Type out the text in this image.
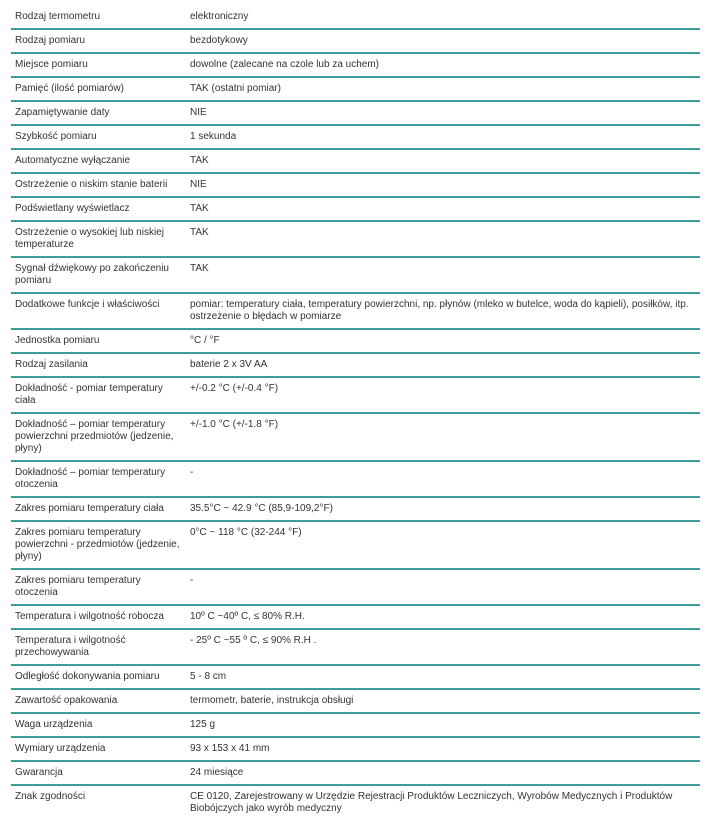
Rodzaj termometru	elektroniczny
Rodzaj pomiaru	bezdotykowy
Miejsce pomiaru	dowolne (zalecane na czole lub za uchem)
Pamięć (ilość pomiarów)	TAK (ostatni pomiar)
Zapamiętywanie daty	NIE
Szybkość pomiaru	1 sekunda
Automatyczne wyłączanie	TAK
Ostrzeżenie o niskim stanie baterii	NIE
Podświetlany wyświetlacz	TAK
Ostrzeżenie o wysokiej lub niskiej temperaturze	TAK
Sygnał dźwiękowy po zakończeniu pomiaru	TAK
Dodatkowe funkcje i właściwości	pomiar: temperatury ciała, temperatury powierzchni, np. płynów (mleko w butelce, woda do kąpieli), posiłków, itp. ostrzeżenie o błędach w pomiarze
Jednostka pomiaru	°C / °F
Rodzaj zasilania	baterie 2 x 3V AA
Dokładność - pomiar temperatury ciała	+/-0.2 °C (+/-0.4 °F)
Dokładność – pomiar temperatury powierzchni przedmiotów (jedzenie, płyny)	+/-1.0 °C (+/-1.8 °F)
Dokładność – pomiar temperatury otoczenia	-
Zakres pomiaru temperatury ciała	35.5°C ~ 42.9 °C (85,9-109,2°F)
Zakres pomiaru temperatury powierzchni - przedmiotów (jedzenie, płyny)	0°C ~ 118 °C (32-244 °F)
Zakres pomiaru temperatury otoczenia	-
Temperatura i wilgotność robocza	10º C ~40º C, ≤ 80% R.H.
Temperatura i wilgotność przechowywania	- 25º C ~55 º C, ≤ 90% R.H .
Odległość dokonywania pomiaru	5 - 8 cm
Zawartość opakowania	termometr, baterie, instrukcja obsługi
Waga urządzenia	125 g
Wymiary urządzenia	93 x 153 x 41 mm
Gwarancja	24 miesiące
Znak zgodności	CE 0120, Zarejestrowany w Urzędzie Rejestracji Produktów Leczniczych, Wyrobów Medycznych i Produktów Biobójczych jako wyrób medyczny
